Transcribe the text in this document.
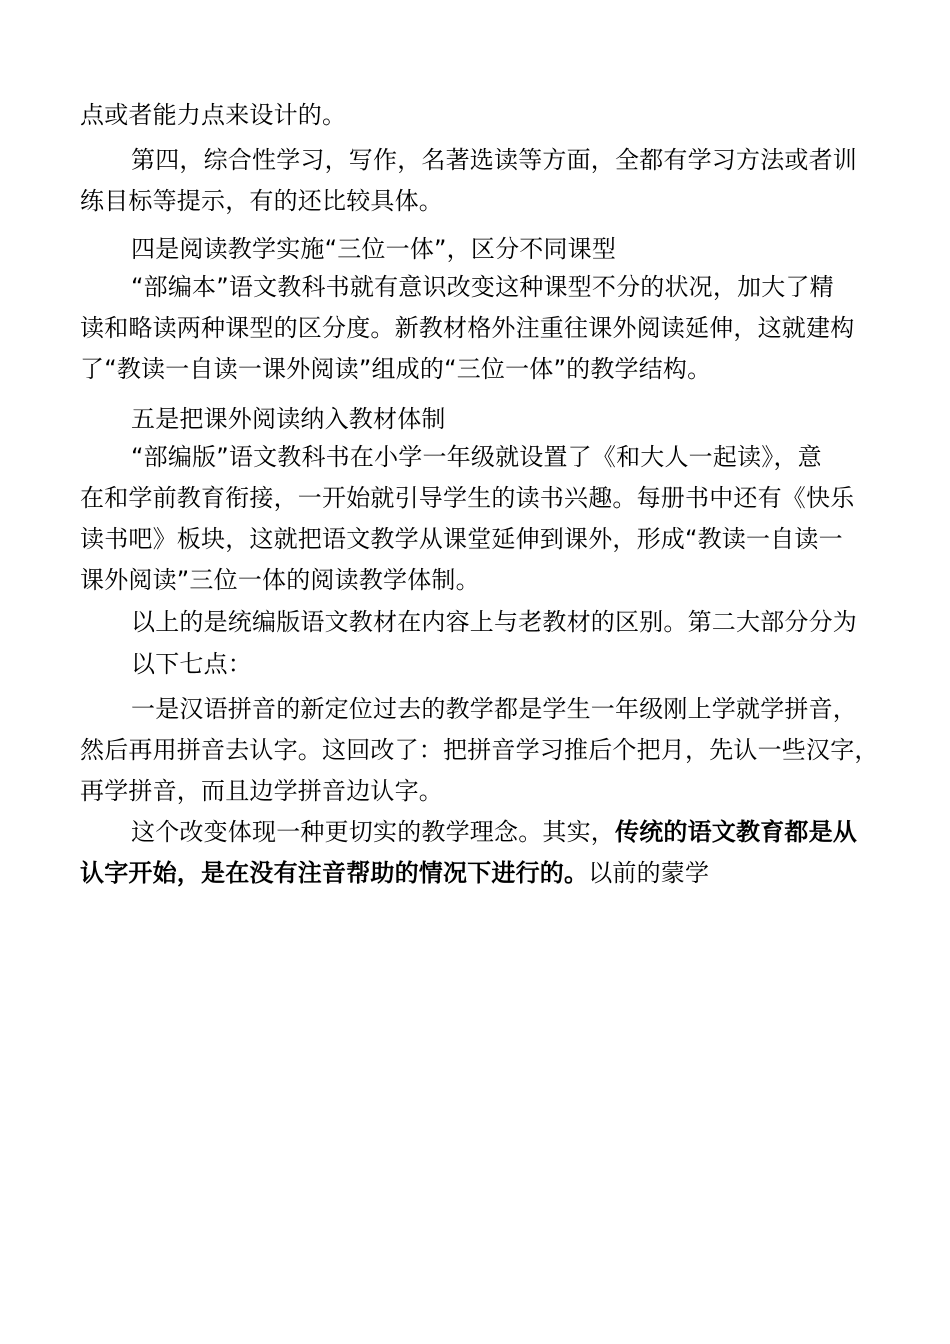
点或者能力点来设计的。
第四，综合性学习，写作，名著选读等方面，全都有学习方法或者训
练目标等提示，有的还比较具体。
四是阅读教学实施“三位一体”，区分不同课型
“部编本”语文教科书就有意识改变这种课型不分的状况，加大了精
读和略读两种课型的区分度。新教材格外注重往课外阅读延伸，这就建构
了“教读一自读一课外阅读”组成的“三位一体”的教学结构。
五是把课外阅读纳入教材体制
“部编版”语文教科书在小学一年级就设置了《和大人一起读》，意
在和学前教育衔接，一开始就引导学生的读书兴趣。每册书中还有《快乐
读书吧》板块，这就把语文教学从课堂延伸到课外，形成“教读一自读一
课外阅读”三位一体的阅读教学体制。
以上的是统编版语文教材在内容上与老教材的区别。第二大部分分为
以下七点：
一是汉语拼音的新定位过去的教学都是学生一年级刚上学就学拼音，
然后再用拼音去认字。这回改了：把拼音学习推后个把月，先认一些汉字，
再学拼音，而且边学拼音边认字。
这个改变体现一种更切实的教学理念。其实，传统的语文教育都是从
认字开始，是在没有注音帮助的情况下进行的。以前的蒙学
